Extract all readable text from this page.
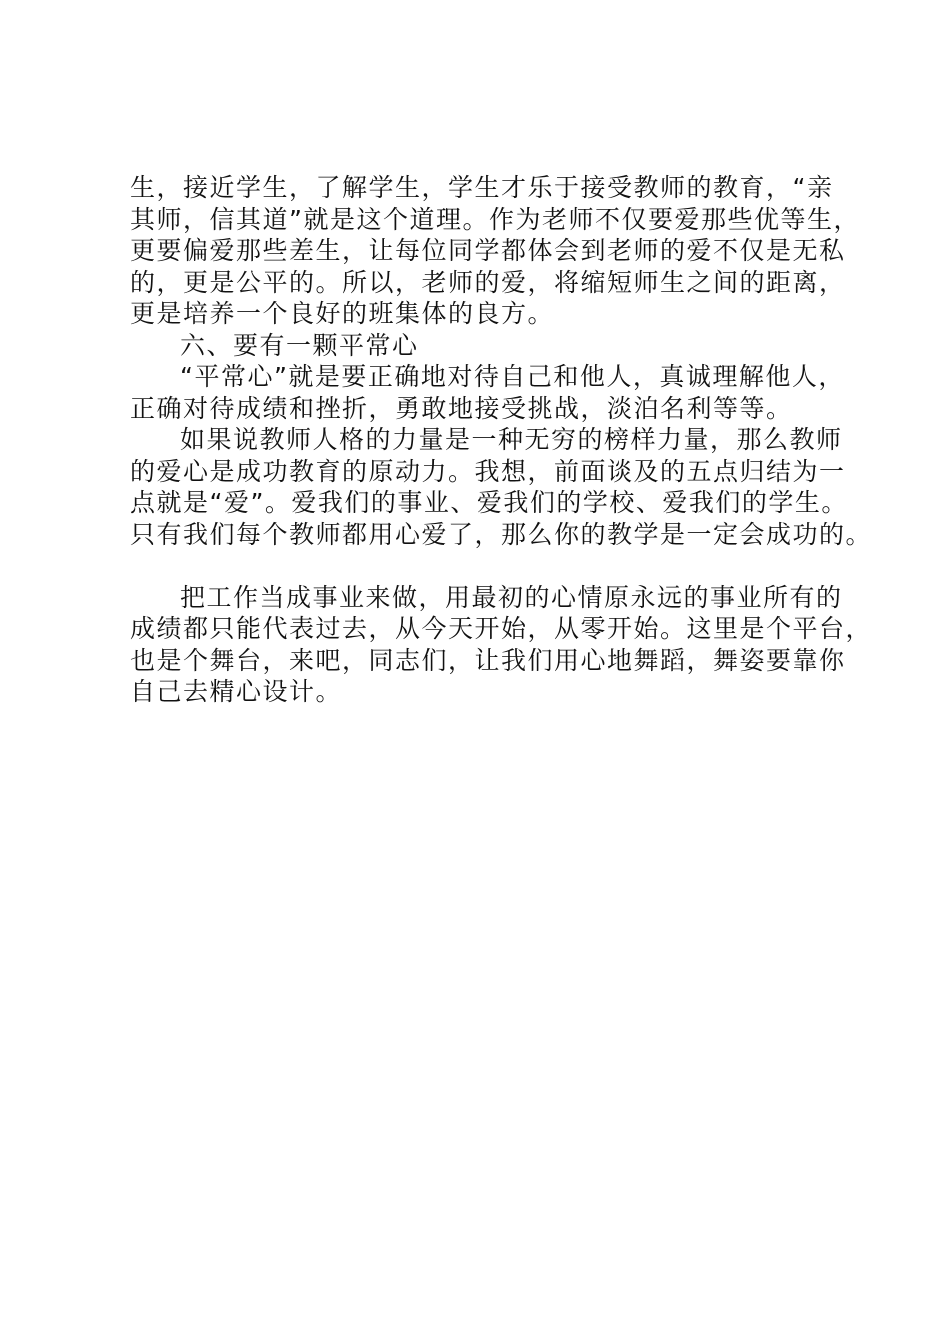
生，接近学生，了解学生，学生才乐于接受教师的教育，“亲
其师，信其道”就是这个道理。作为老师不仅要爱那些优等生，
更要偏爱那些差生，让每位同学都体会到老师的爱不仅是无私
的，更是公平的。所以，老师的爱，将缩短师生之间的距离，
更是培养一个良好的班集体的良方。
六、要有一颗平常心
“平常心”就是要正确地对待自己和他人，真诚理解他人，
正确对待成绩和挫折，勇敢地接受挑战，淡泊名利等等。
如果说教师人格的力量是一种无穷的榜样力量，那么教师
的爱心是成功教育的原动力。我想，前面谈及的五点归结为一
点就是“爱”。爱我们的事业、爱我们的学校、爱我们的学生。
只有我们每个教师都用心爱了，那么你的教学是一定会成功的。
把工作当成事业来做，用最初的心情原永远的事业所有的
成绩都只能代表过去，从今天开始，从零开始。这里是个平台，
也是个舞台，来吧，同志们，让我们用心地舞蹈，舞姿要靠你
自己去精心设计。
